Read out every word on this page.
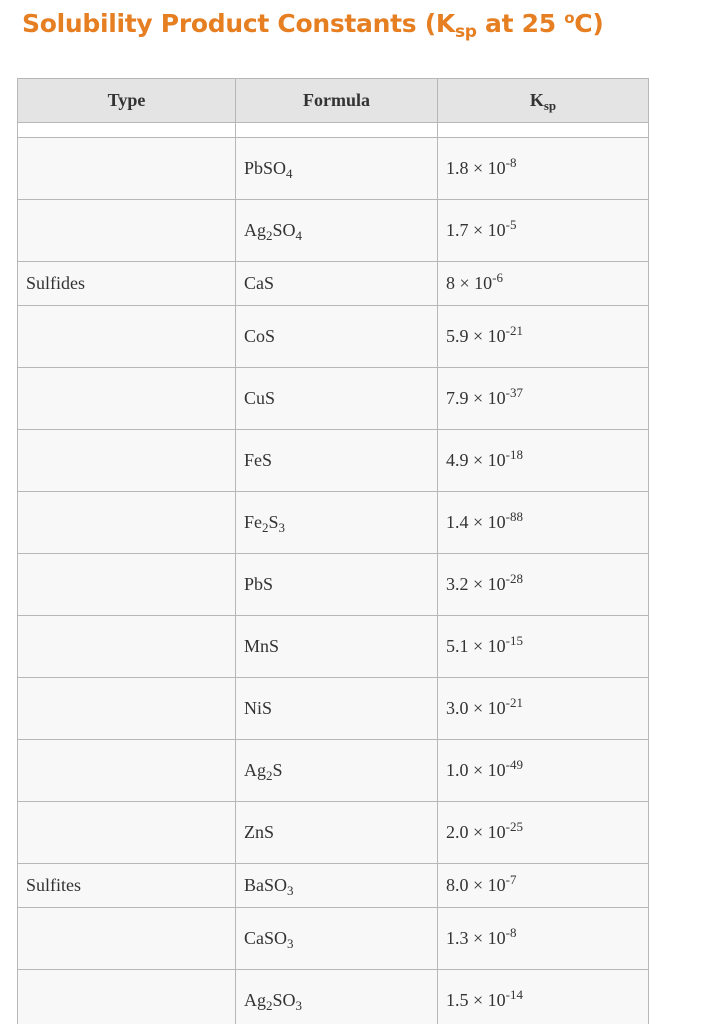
Solubility Product Constants ($K_{sp}$ at 25 $^o$C)
Type	Formula	$K_{sp}$

	PbSO$_4$	$1.8 \times 10^{-8}$
	$Ag_2SO_4$	$1.7 \times 10^{-5}$
Sulfides	CaS	$8 \times 10^{-6}$
	CoS	$5.9 \times 10^{-21}$
	CuS	$7.9 \times 10^{-37}$
	FeS	$4.9 \times 10^{-18}$
	$Fe_2S_3$	$1.4 \times 10^{-88}$
	PbS	$3.2 \times 10^{-28}$
	MnS	$5.1 \times 10^{-15}$
	NiS	$3.0 \times 10^{-21}$
	$Ag_2S$	$1.0 \times 10^{-49}$
	ZnS	$2.0 \times 10^{-25}$
Sulfites	BaSO$_3$	$8.0 \times 10^{-7}$
	CaSO$_3$	$1.3 \times 10^{-8}$
	$Ag_2SO_3$	$1.5 \times 10^{-14}$
